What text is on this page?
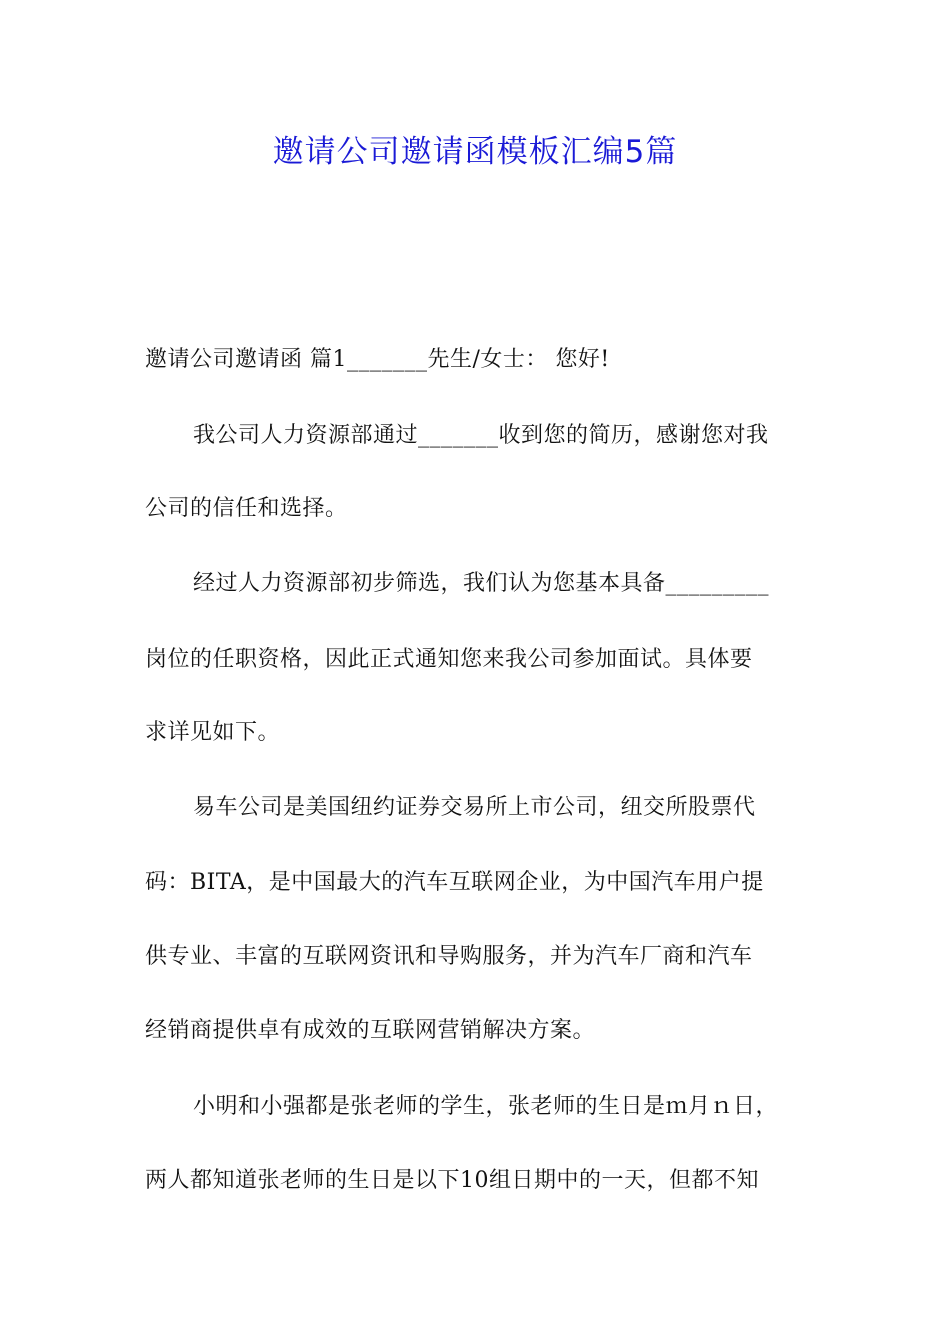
邀请公司邀请函模板汇编5篇

邀请公司邀请函 篇1_______先生/女士： 您好!

我公司人力资源部通过_______收到您的简历，感谢您对我

公司的信任和选择。

经过人力资源部初步筛选，我们认为您基本具备_________

岗位的任职资格，因此正式通知您来我公司参加面试。具体要

求详见如下。

易车公司是美国纽约证券交易所上市公司，纽交所股票代

码：BITA，是中国最大的汽车互联网企业，为中国汽车用户提

供专业、丰富的互联网资讯和导购服务，并为汽车厂商和汽车

经销商提供卓有成效的互联网营销解决方案。

小明和小强都是张老师的学生，张老师的生日是ｍ月ｎ日，

两人都知道张老师的生日是以下10组日期中的一天，但都不知
